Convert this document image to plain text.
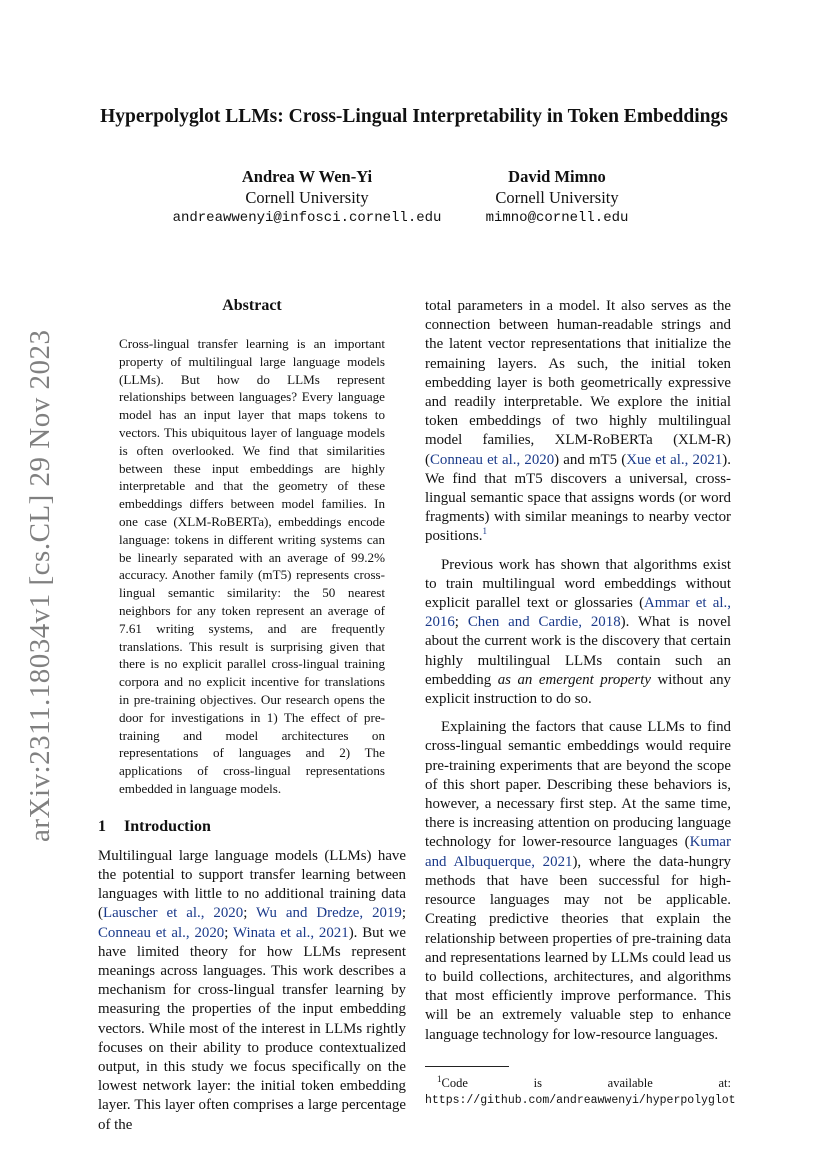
arXiv:2311.18034v1 [cs.CL] 29 Nov 2023
Hyperpolyglot LLMs: Cross-Lingual Interpretability in Token Embeddings
Andrea W Wen-Yi
Cornell University
andreawwenyi@infosci.cornell.edu
David Mimno
Cornell University
mimno@cornell.edu
Abstract

Cross-lingual transfer learning is an important property of multilingual large language models (LLMs). But how do LLMs represent relationships between languages? Every language model has an input layer that maps tokens to vectors. This ubiquitous layer of language models is often overlooked. We find that similarities between these input embeddings are highly interpretable and that the geometry of these embeddings differs between model families. In one case (XLM-RoBERTa), embeddings encode language: tokens in different writing systems can be linearly separated with an average of 99.2% accuracy. Another family (mT5) represents cross-lingual semantic similarity: the 50 nearest neighbors for any token represent an average of 7.61 writing systems, and are frequently translations. This result is surprising given that there is no explicit parallel cross-lingual training corpora and no explicit incentive for translations in pre-training objectives. Our research opens the door for investigations in 1) The effect of pre-training and model architectures on representations of languages and 2) The applications of cross-lingual representations embedded in language models.

1 Introduction

Multilingual large language models (LLMs) have the potential to support transfer learning between languages with little to no additional training data (Lauscher et al., 2020; Wu and Dredze, 2019; Conneau et al., 2020; Winata et al., 2021). But we have limited theory for how LLMs represent meanings across languages. This work describes a mechanism for cross-lingual transfer learning by measuring the properties of the input embedding vectors. While most of the interest in LLMs rightly focuses on their ability to produce contextualized output, in this study we focus specifically on the lowest network layer: the initial token embedding layer. This layer often comprises a large percentage of the

total parameters in a model. It also serves as the connection between human-readable strings and the latent vector representations that initialize the remaining layers. As such, the initial token embedding layer is both geometrically expressive and readily interpretable. We explore the initial token embeddings of two highly multilingual model families, XLM-RoBERTa (XLM-R) (Conneau et al., 2020) and mT5 (Xue et al., 2021). We find that mT5 discovers a universal, cross-lingual semantic space that assigns words (or word fragments) with similar meanings to nearby vector positions.$^1$

Previous work has shown that algorithms exist to train multilingual word embeddings without explicit parallel text or glossaries (Ammar et al., 2016; Chen and Cardie, 2018). What is novel about the current work is the discovery that certain highly multilingual LLMs contain such an embedding as an emergent property without any explicit instruction to do so.

Explaining the factors that cause LLMs to find cross-lingual semantic embeddings would require pre-training experiments that are beyond the scope of this short paper. Describing these behaviors is, however, a necessary first step. At the same time, there is increasing attention on producing language technology for lower-resource languages (Kumar and Albuquerque, 2021), where the data-hungry methods that have been successful for high-resource languages may not be applicable. Creating predictive theories that explain the relationship between properties of pre-training data and representations learned by LLMs could lead us to build collections, architectures, and algorithms that most efficiently improve performance. This will be an extremely valuable step to enhance language technology for low-resource languages.

$^1$Code is available at: https://github.com/andreawwenyi/hyperpolyglot
